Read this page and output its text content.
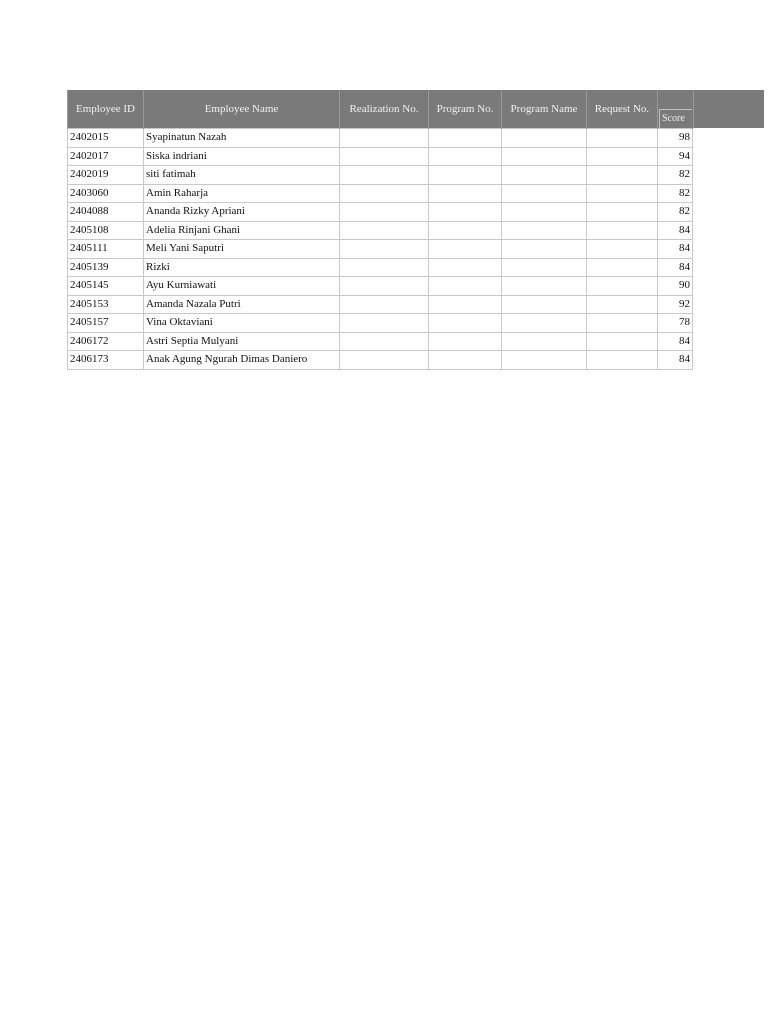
Employee ID	Employee Name	Realization No.	Program No.	Program Name	Request No.	Score

2402015	Syapinatun Nazah					98
2402017	Siska indriani					94
2402019	siti fatimah					82
2403060	Amin Raharja					82
2404088	Ananda Rizky Apriani					82
2405108	Adelia Rinjani Ghani					84
2405111	Meli Yani Saputri					84
2405139	Rizki					84
2405145	Ayu Kurniawati					90
2405153	Amanda Nazala Putri					92
2405157	Vina Oktaviani					78
2406172	Astri Septia Mulyani					84
2406173	Anak Agung Ngurah Dimas Daniero					84
